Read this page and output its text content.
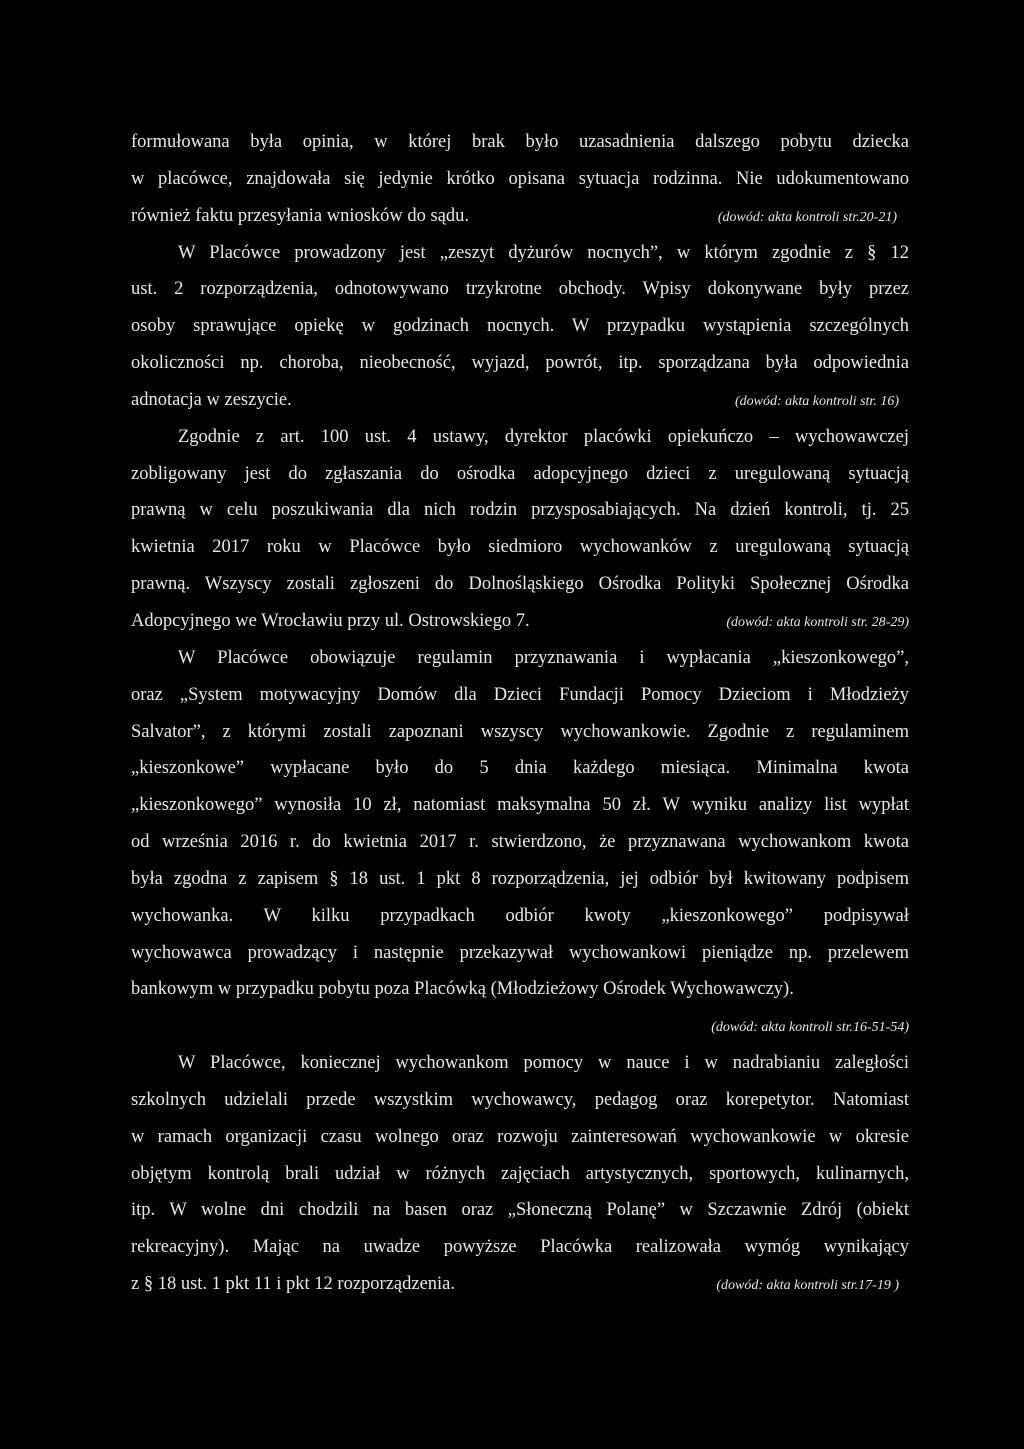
formułowana była opinia, w której brak było uzasadnienia dalszego pobytu dziecka
w placówce, znajdowała się jedynie krótko opisana sytuacja rodzinna. Nie udokumentowano
również faktu przesyłania wniosków do sądu.	(dowód: akta kontroli str.20-21)
W Placówce prowadzony jest „zeszyt dyżurów nocnych”, w którym zgodnie z § 12
ust. 2 rozporządzenia, odnotowywano trzykrotne obchody. Wpisy dokonywane były przez
osoby sprawujące opiekę w godzinach nocnych. W przypadku wystąpienia szczególnych
okoliczności np. choroba, nieobecność, wyjazd, powrót, itp. sporządzana była odpowiednia
adnotacja w zeszycie.	(dowód: akta kontroli str. 16)
Zgodnie z art. 100 ust. 4 ustawy, dyrektor placówki opiekuńczo – wychowawczej
zobligowany jest do zgłaszania do ośrodka adopcyjnego dzieci z uregulowaną sytuacją
prawną w celu poszukiwania dla nich rodzin przysposabiających. Na dzień kontroli, tj. 25
kwietnia 2017 roku w Placówce było siedmioro wychowanków z uregulowaną sytuacją
prawną. Wszyscy zostali zgłoszeni do Dolnośląskiego Ośrodka Polityki Społecznej Ośrodka
Adopcyjnego we Wrocławiu przy ul. Ostrowskiego 7.	(dowód: akta kontroli str. 28-29)
W Placówce obowiązuje regulamin przyznawania i wypłacania „kieszonkowego”,
oraz „System motywacyjny Domów dla Dzieci Fundacji Pomocy Dzieciom i Młodzieży
Salvator”, z którymi zostali zapoznani wszyscy wychowankowie. Zgodnie z regulaminem
„kieszonkowe” wypłacane było do 5 dnia każdego miesiąca. Minimalna kwota
„kieszonkowego” wynosiła 10 zł, natomiast maksymalna 50 zł. W wyniku analizy list wypłat
od września 2016 r. do kwietnia 2017 r. stwierdzono, że przyznawana wychowankom kwota
była zgodna z zapisem § 18 ust. 1 pkt 8 rozporządzenia, jej odbiór był kwitowany podpisem
wychowanka. W kilku przypadkach odbiór kwoty „kieszonkowego” podpisywał
wychowawca prowadzący i następnie przekazywał wychowankowi pieniądze np. przelewem
bankowym w przypadku pobytu poza Placówką (Młodzieżowy Ośrodek Wychowawczy).
(dowód: akta kontroli str.16-51-54)
W Placówce, koniecznej wychowankom pomocy w nauce i w nadrabianiu zaległości
szkolnych udzielali przede wszystkim wychowawcy, pedagog oraz korepetytor. Natomiast
w ramach organizacji czasu wolnego oraz rozwoju zainteresowań wychowankowie w okresie
objętym kontrolą brali udział w różnych zajęciach artystycznych, sportowych, kulinarnych,
itp. W wolne dni chodzili na basen oraz „Słoneczną Polanę” w Szczawnie Zdrój (obiekt
rekreacyjny). Mając na uwadze powyższe Placówka realizowała wymóg wynikający
z § 18 ust. 1 pkt 11 i pkt 12 rozporządzenia.	(dowód: akta kontroli str.17-19 )
